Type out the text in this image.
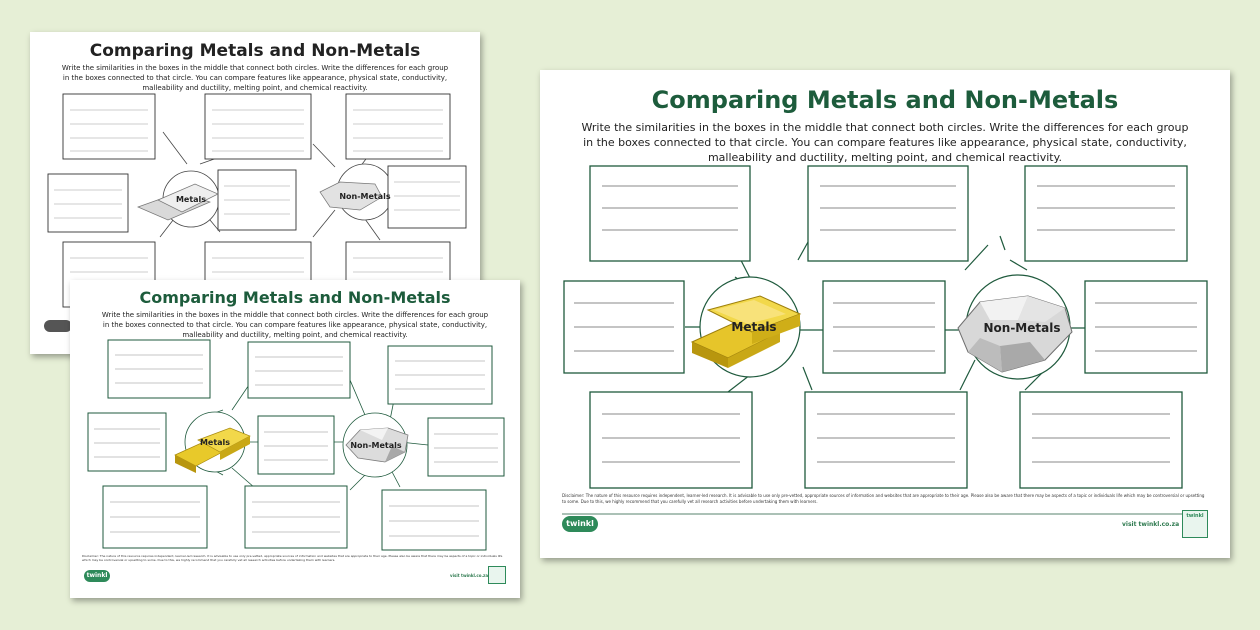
Comparing Metals and Non-Metals
Write the similarities in the boxes in the middle that connect both circles. Write the differences for each group
in the boxes connected to that circle. You can compare features like appearance, physical state, conductivity,
malleability and ductility, melting point, and chemical reactivity.
Metals	Non-Metals
Comparing Metals and Non-Metals
Write the similarities in the boxes in the middle that connect both circles. Write the differences for each group
in the boxes connected to that circle. You can compare features like appearance, physical state, conductivity,
malleability and ductility, melting point, and chemical reactivity.
Metals	Non-Metals
Disclaimer: The nature of this resource requires independent, learner-led research. It is advisable to use only pre-vetted, appropriate sources of information and websites that are appropriate to their age. Please also be aware that there may be aspects of a topic or individuals life which may be controversial or upsetting to some. Due to this, we highly recommend that you carefully vet all research activities before undertaking them with learners.
twinkl	visit twinkl.co.za
Comparing Metals and Non-Metals
Write the similarities in the boxes in the middle that connect both circles. Write the differences for each group
in the boxes connected to that circle. You can compare features like appearance, physical state, conductivity,
malleability and ductility, melting point, and chemical reactivity.
Metals	Non-Metals
Disclaimer: The nature of this resource requires independent, learner-led research. It is advisable to use only pre-vetted, appropriate sources of information and websites that are appropriate to their age. Please also be aware that there may be aspects of a topic or individuals life which may be controversial or upsetting to some. Due to this, we highly recommend that you carefully vet all research activities before undertaking them with learners.
twinkl	visit twinkl.co.za
twinkl
